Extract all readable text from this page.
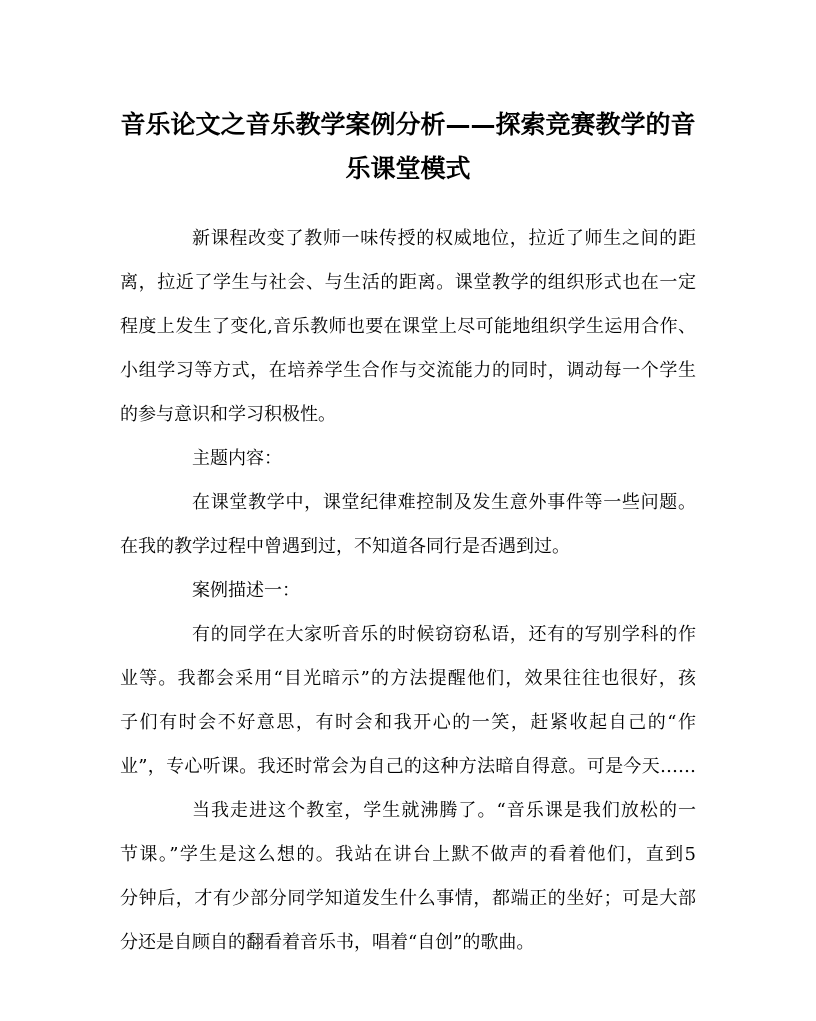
音乐论文之音乐教学案例分析——探索竞赛教学的音
乐课堂模式
新课程改变了教师一味传授的权威地位，拉近了师生之间的距
离，拉近了学生与社会、与生活的距离。课堂教学的组织形式也在一定
程度上发生了变化,音乐教师也要在课堂上尽可能地组织学生运用合作、
小组学习等方式，在培养学生合作与交流能力的同时，调动每一个学生
的参与意识和学习积极性。
主题内容：
在课堂教学中，课堂纪律难控制及发生意外事件等一些问题。
在我的教学过程中曾遇到过，不知道各同行是否遇到过。
案例描述一：
有的同学在大家听音乐的时候窃窃私语，还有的写别学科的作
业等。我都会采用“目光暗示”的方法提醒他们，效果往往也很好，孩
子们有时会不好意思，有时会和我开心的一笑，赶紧收起自己的“作
业”，专心听课。我还时常会为自己的这种方法暗自得意。可是今天……
当我走进这个教室，学生就沸腾了。“音乐课是我们放松的一
节课。”学生是这么想的。我站在讲台上默不做声的看着他们，直到5
分钟后，才有少部分同学知道发生什么事情，都端正的坐好；可是大部
分还是自顾自的翻看着音乐书，唱着“自创”的歌曲。
